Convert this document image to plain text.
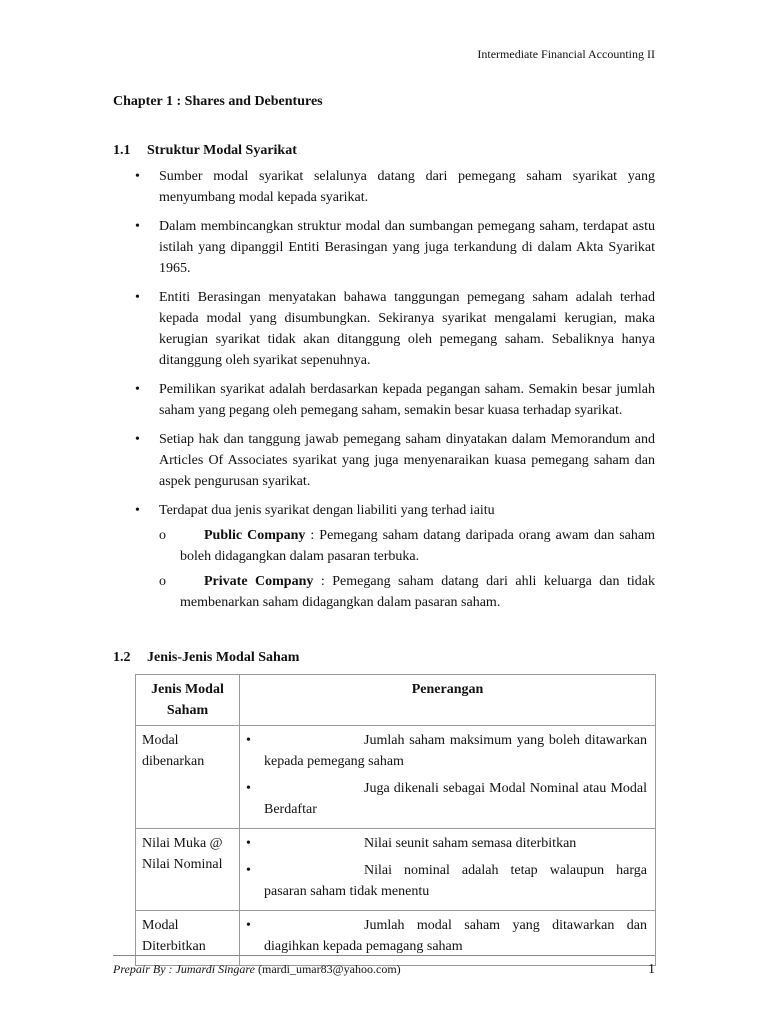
Intermediate Financial Accounting II
Chapter 1 : Shares and Debentures
1.1 Struktur Modal Syarikat
• Sumber modal syarikat selalunya datang dari pemegang saham syarikat yang menyumbang modal kepada syarikat.
• Dalam membincangkan struktur modal dan sumbangan pemegang saham, terdapat astu istilah yang dipanggil Entiti Berasingan yang juga terkandung di dalam Akta Syarikat 1965.
• Entiti Berasingan menyatakan bahawa tanggungan pemegang saham adalah terhad kepada modal yang disumbungkan. Sekiranya syarikat mengalami kerugian, maka kerugian syarikat tidak akan ditanggung oleh pemegang saham. Sebaliknya hanya ditanggung oleh syarikat sepenuhnya.
• Pemilikan syarikat adalah berdasarkan kepada pegangan saham. Semakin besar jumlah saham yang pegang oleh pemegang saham, semakin besar kuasa terhadap syarikat.
• Setiap hak dan tanggung jawab pemegang saham dinyatakan dalam Memorandum and Articles Of Associates syarikat yang juga menyenaraikan kuasa pemegang saham dan aspek pengurusan syarikat.
• Terdapat dua jenis syarikat dengan liabiliti yang terhad iaitu
o	Public Company : Pemegang saham datang daripada orang awam dan saham boleh didagangkan dalam pasaran terbuka.
o	Private Company : Pemegang saham datang dari ahli keluarga dan tidak membenarkan saham didagangkan dalam pasaran saham.
1.2 Jenis-Jenis Modal Saham
Jenis Modal Saham	Penerangan
Modal dibenarkan	• Jumlah saham maksimum yang boleh ditawarkan kepada pemegang saham
• Juga dikenali sebagai Modal Nominal atau Modal Berdaftar

Nilai Muka @ Nilai Nominal	• Nilai seunit saham semasa diterbitkan
• Nilai nominal adalah tetap walaupun harga pasaran saham tidak menentu

Modal Diterbitkan	• Jumlah modal saham yang ditawarkan dan diagihkan kepada pemagang saham
Prepair By : Jumardi Singare (mardi_umar83@yahoo.com)	1
